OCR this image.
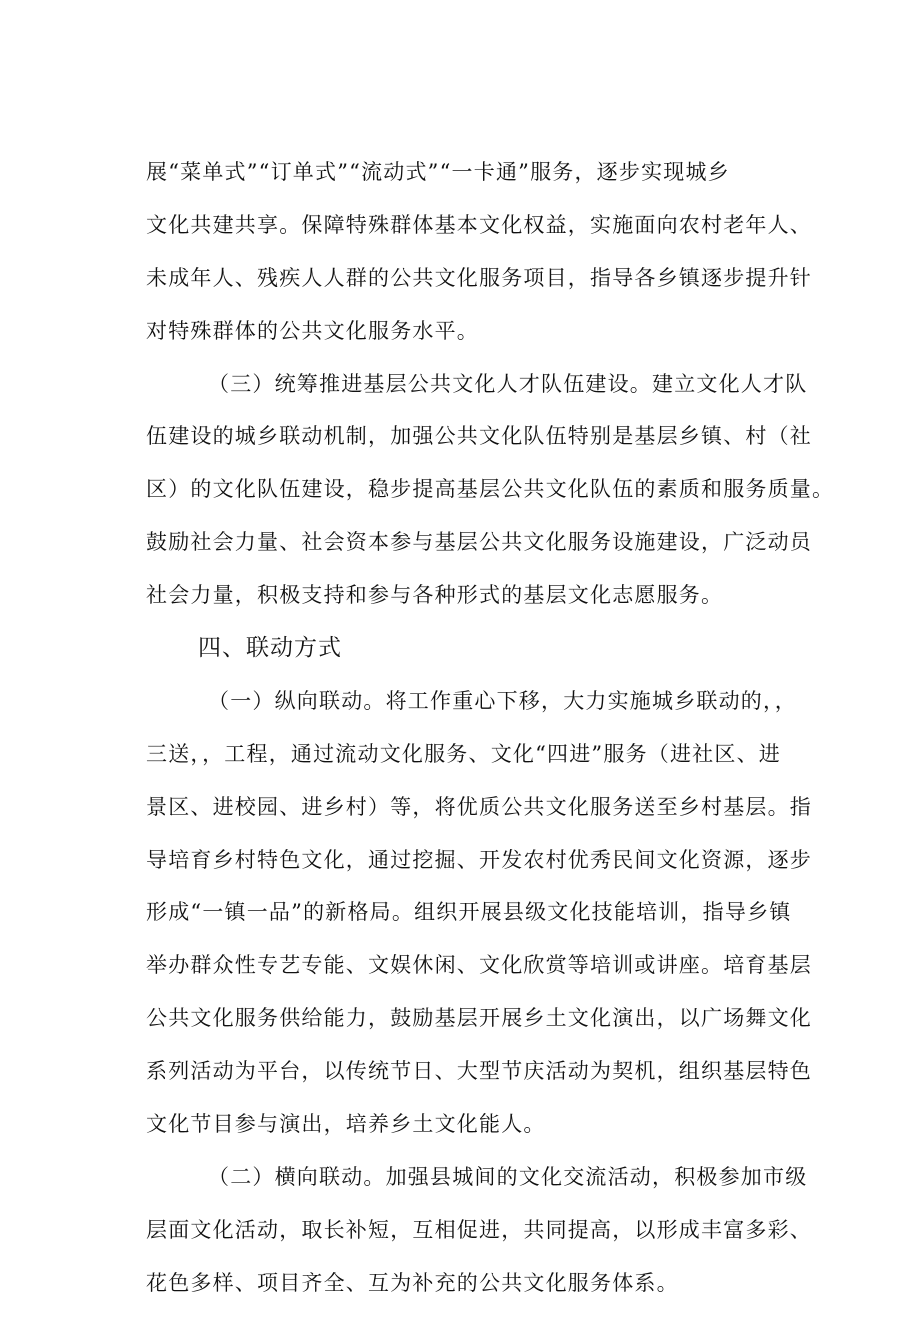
展“菜单式”“订单式”“流动式”“一卡通”服务，逐步实现城乡
文化共建共享。保障特殊群体基本文化权益，实施面向农村老年人、
未成年人、残疾人人群的公共文化服务项目，指导各乡镇逐步提升针
对特殊群体的公共文化服务水平。
（三）统筹推进基层公共文化人才队伍建设。建立文化人才队
伍建设的城乡联动机制，加强公共文化队伍特别是基层乡镇、村（社
区）的文化队伍建设，稳步提高基层公共文化队伍的素质和服务质量。
鼓励社会力量、社会资本参与基层公共文化服务设施建设，广泛动员
社会力量，积极支持和参与各种形式的基层文化志愿服务。
四、联动方式
（一）纵向联动。将工作重心下移，大力实施城乡联动的，，
三送，，工程，通过流动文化服务、文化“四进”服务（进社区、进
景区、进校园、进乡村）等，将优质公共文化服务送至乡村基层。指
导培育乡村特色文化，通过挖掘、开发农村优秀民间文化资源，逐步
形成“一镇一品”的新格局。组织开展县级文化技能培训，指导乡镇
举办群众性专艺专能、文娱休闲、文化欣赏等培训或讲座。培育基层
公共文化服务供给能力，鼓励基层开展乡土文化演出，以广场舞文化
系列活动为平台，以传统节日、大型节庆活动为契机，组织基层特色
文化节目参与演出，培养乡土文化能人。
（二）横向联动。加强县城间的文化交流活动，积极参加市级
层面文化活动，取长补短，互相促进，共同提高，以形成丰富多彩、
花色多样、项目齐全、互为补充的公共文化服务体系。
